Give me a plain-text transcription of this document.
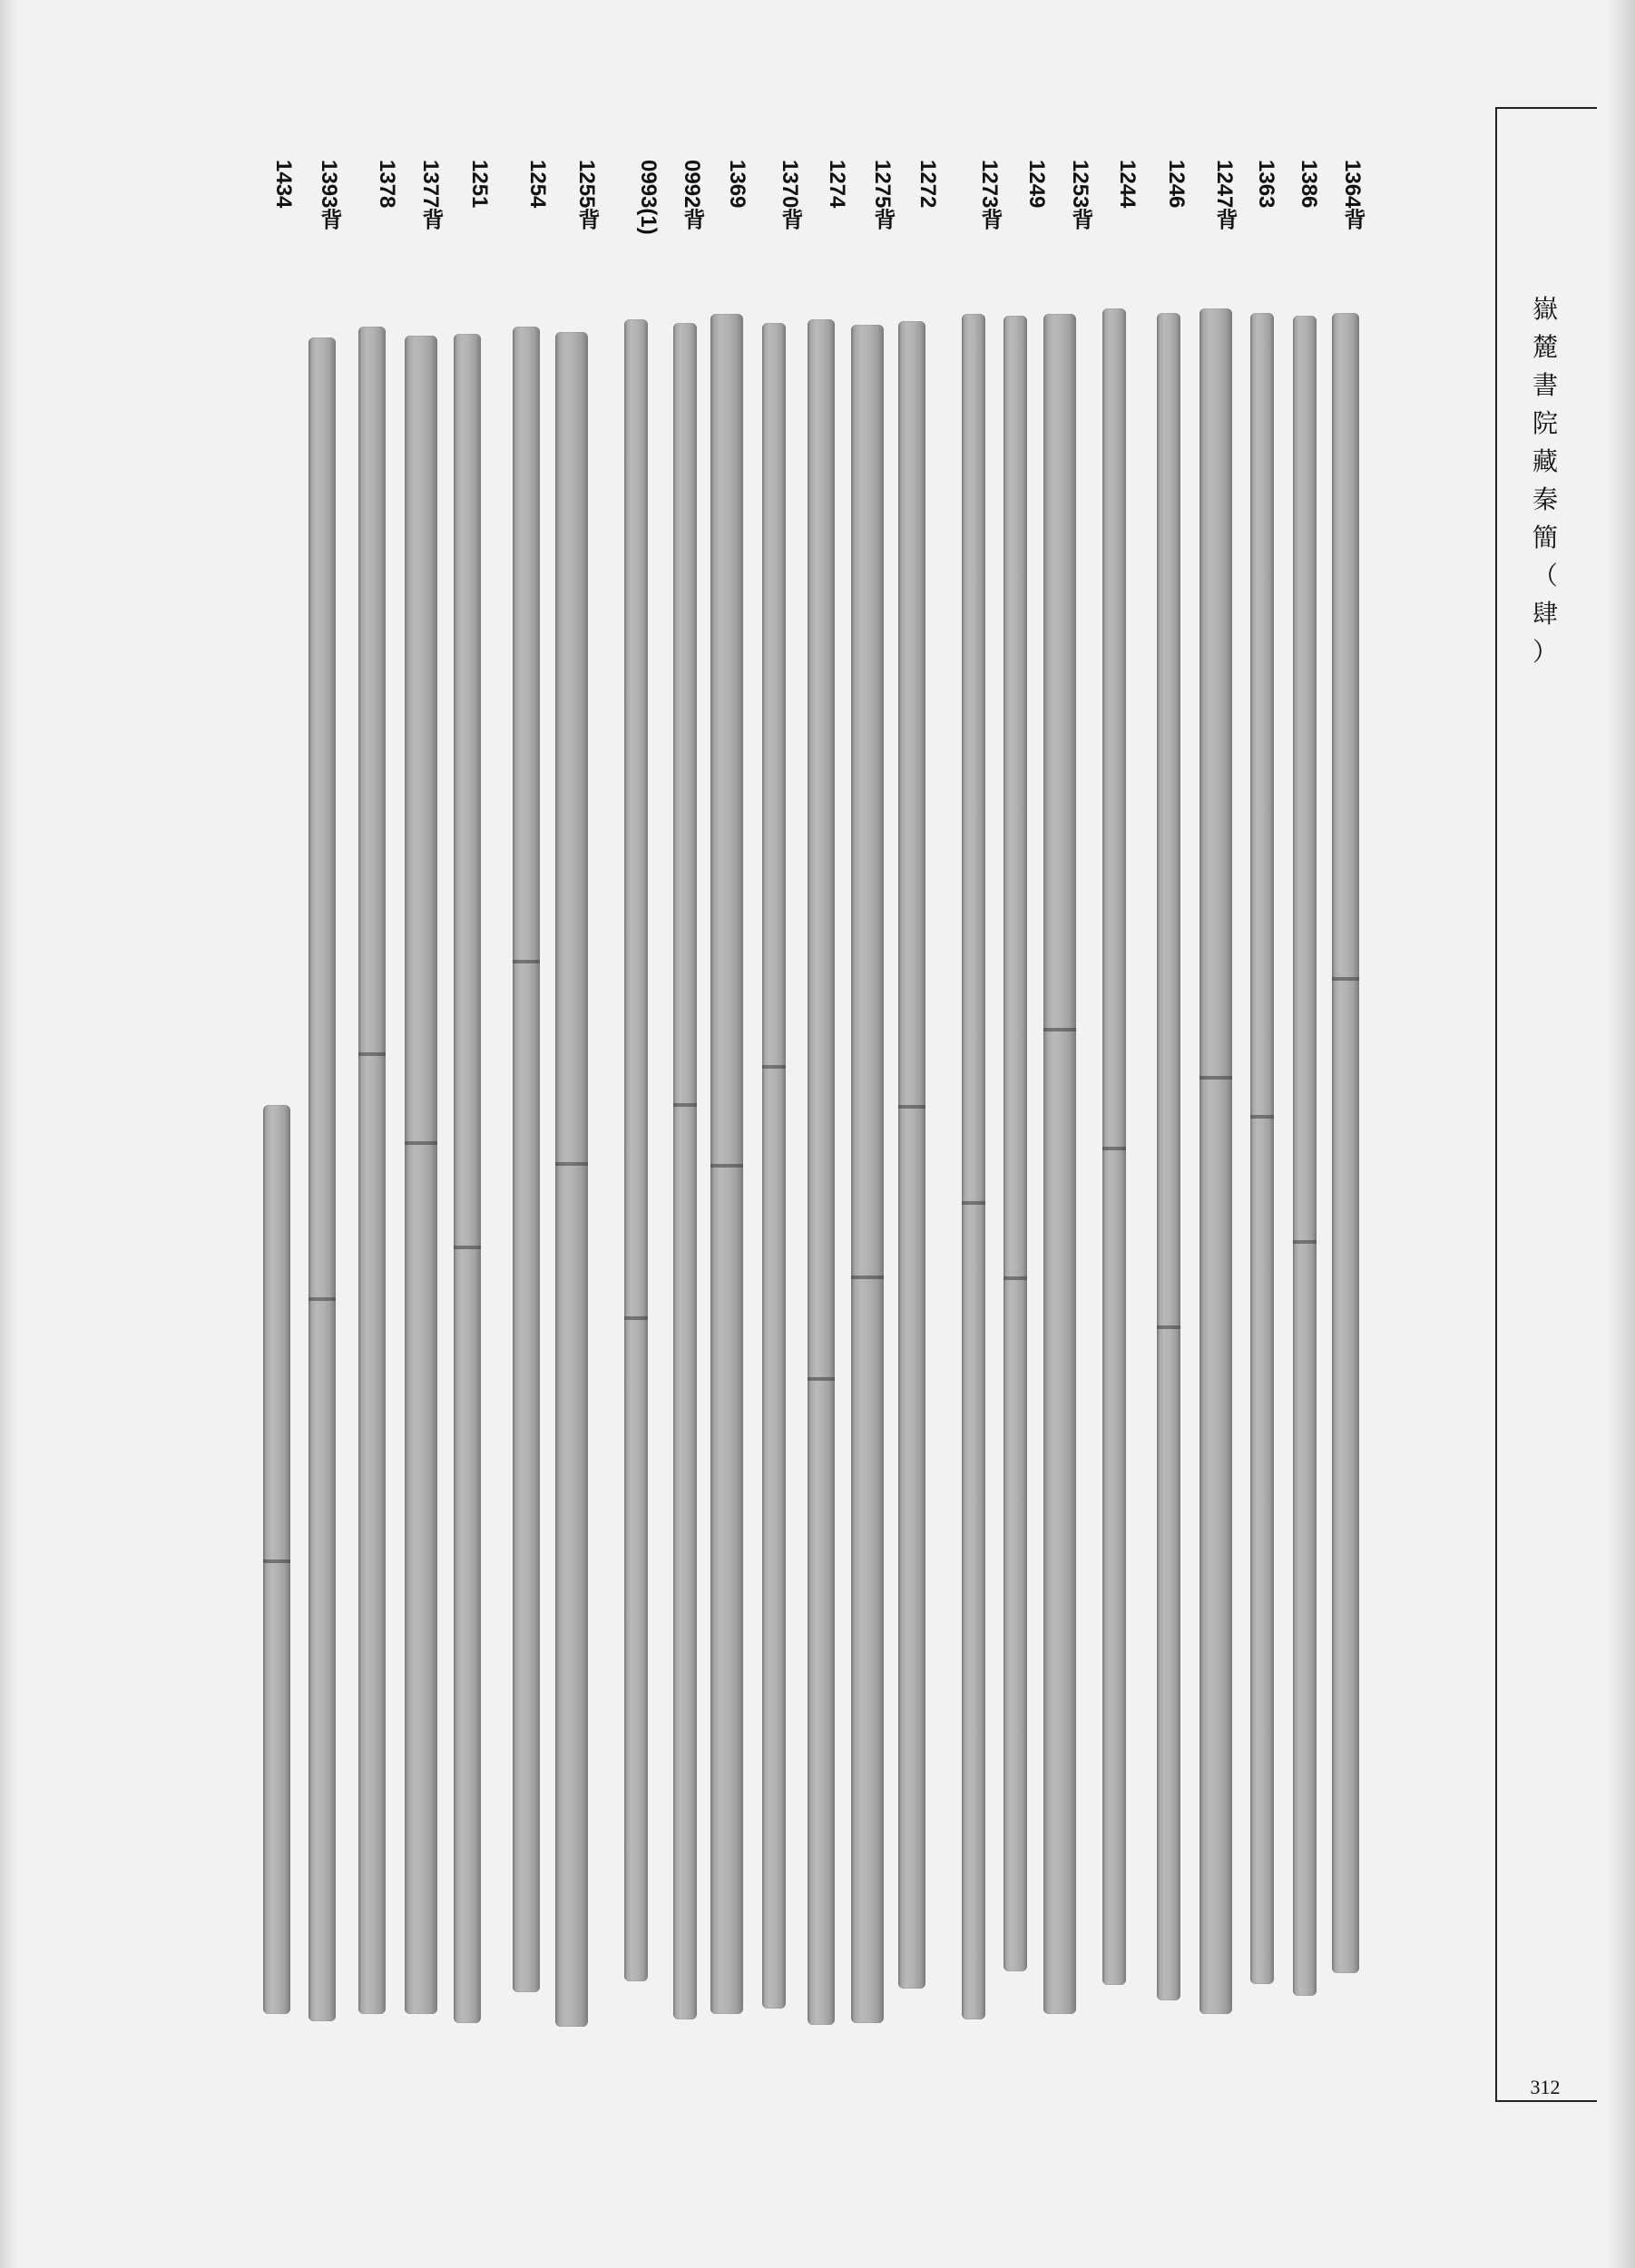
嶽
麓
書
院
藏
秦
簡
（
肆
）
312
1364背
1386
1363
1247背
1246
1244
1253背
1249
1273背
1272
1275背
1274
1370背
1369
0992背
0993(1)
1255背
1254
1251
1377背
1378
1393背
1434
